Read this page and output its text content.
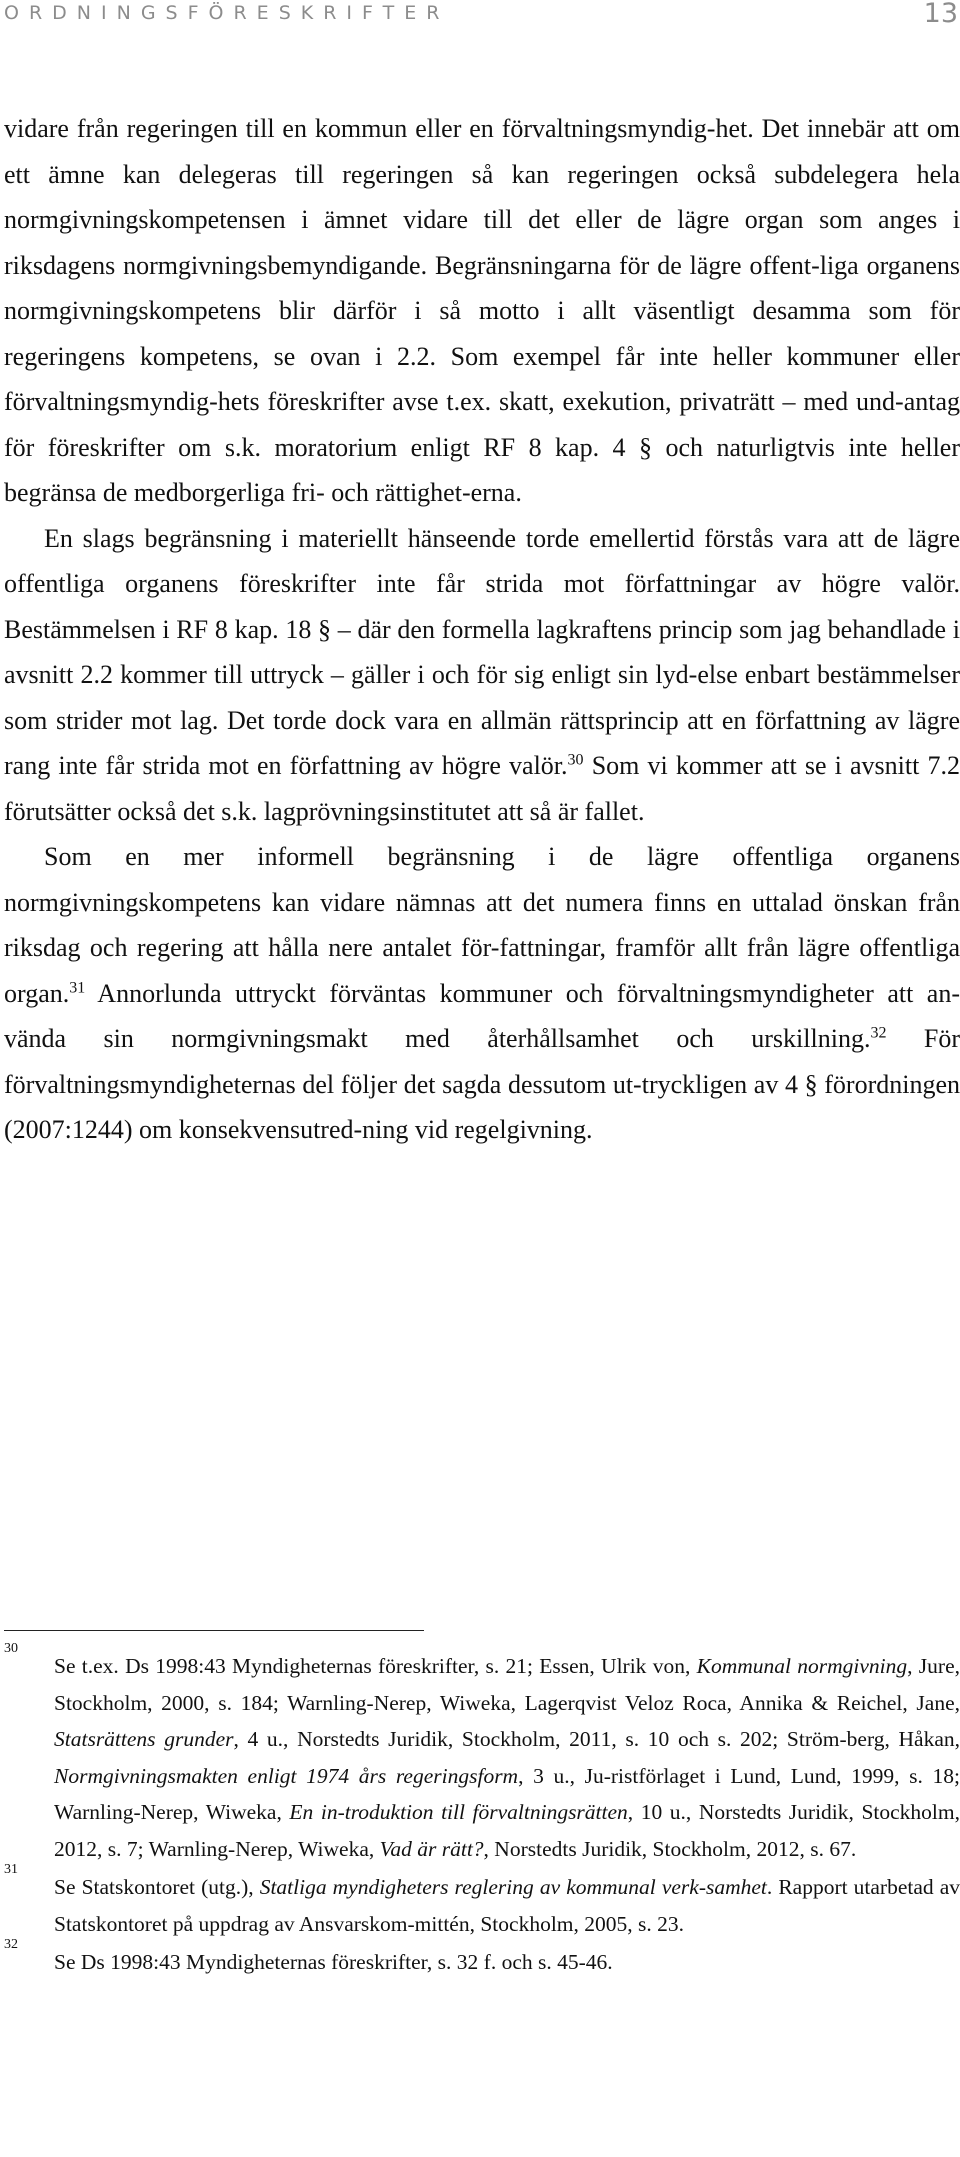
ORDNINGSFÖRESKRIFTER	13

vidare från regeringen till en kommun eller en förvaltningsmyndig-het. Det innebär att om ett ämne kan delegeras till regeringen så kan regeringen också subdelegera hela normgivningskompetensen i ämnet vidare till det eller de lägre organ som anges i riksdagens normgivningsbemyndigande. Begränsningarna för de lägre offent-liga organens normgivningskompetens blir därför i så motto i allt väsentligt desamma som för regeringens kompetens, se ovan i 2.2. Som exempel får inte heller kommuner eller förvaltningsmyndig-hets föreskrifter avse t.ex. skatt, exekution, privaträtt – med und-antag för föreskrifter om s.k. moratorium enligt RF 8 kap. 4 § och naturligtvis inte heller begränsa de medborgerliga fri- och rättighet-erna.

En slags begränsning i materiellt hänseende torde emellertid förstås vara att de lägre offentliga organens föreskrifter inte får strida mot författningar av högre valör. Bestämmelsen i RF 8 kap. 18 § – där den formella lagkraftens princip som jag behandlade i avsnitt 2.2 kommer till uttryck – gäller i och för sig enligt sin lyd-else enbart bestämmelser som strider mot lag. Det torde dock vara en allmän rättsprincip att en författning av lägre rang inte får strida mot en författning av högre valör.$^{30}$ Som vi kommer att se i avsnitt 7.2 förutsätter också det s.k. lagprövningsinstitutet att så är fallet.

Som en mer informell begränsning i de lägre offentliga organens normgivningskompetens kan vidare nämnas att det numera finns en uttalad önskan från riksdag och regering att hålla nere antalet för-fattningar, framför allt från lägre offentliga organ.$^{31}$ Annorlunda uttryckt förväntas kommuner och förvaltningsmyndigheter att an-vända sin normgivningsmakt med återhållsamhet och urskillning.$^{32}$ För förvaltningsmyndigheternas del följer det sagda dessutom ut-tryckligen av 4 § förordningen (2007:1244) om konsekvensutred-ning vid regelgivning.

30
Se t.ex. Ds 1998:43 Myndigheternas föreskrifter, s. 21; Essen, Ulrik von, Kommunal normgivning, Jure, Stockholm, 2000, s. 184; Warnling-Nerep, Wiweka, Lagerqvist Veloz Roca, Annika & Reichel, Jane, Statsrättens grunder, 4 u., Norstedts Juridik, Stockholm, 2011, s. 10 och s. 202; Ström-berg, Håkan, Normgivningsmakten enligt 1974 års regeringsform, 3 u., Ju-ristförlaget i Lund, Lund, 1999, s. 18; Warnling-Nerep, Wiweka, En in-troduktion till förvaltningsrätten, 10 u., Norstedts Juridik, Stockholm, 2012, s. 7; Warnling-Nerep, Wiweka, Vad är rätt?, Norstedts Juridik, Stockholm, 2012, s. 67.
31
Se Statskontoret (utg.), Statliga myndigheters reglering av kommunal verk-samhet. Rapport utarbetad av Statskontoret på uppdrag av Ansvarskom-mittén, Stockholm, 2005, s. 23.
32
Se Ds 1998:43 Myndigheternas föreskrifter, s. 32 f. och s. 45-46.
